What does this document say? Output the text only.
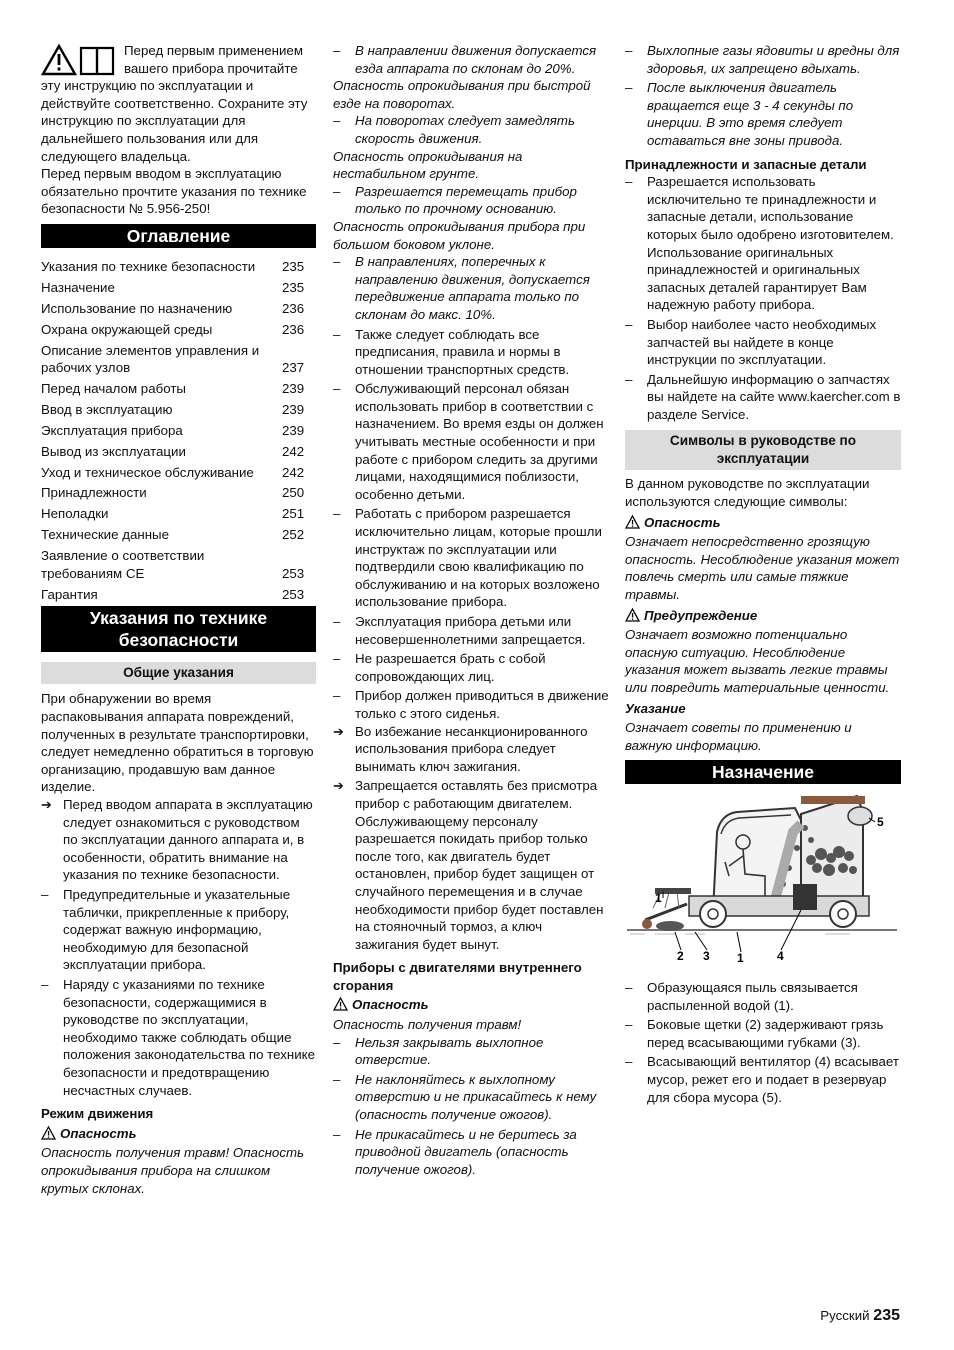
Перед первым применением вашего прибора прочитайте эту инструкцию по эксплуатации и действуйте соответственно. Сохраните эту инструкцию по эксплуатации для дальнейшего пользования или для следующего владельца.

Перед первым вводом в эксплуатацию обязательно прочтите указания по технике безопасности № 5.956-250!

Оглавление
Указания по технике безопасности	235
Назначение	235
Использование по назначению	236
Охрана окружающей среды	236
Описание элементов управления и рабочих узлов	237
Перед началом работы	239
Ввод в эксплуатацию	239
Эксплуатация прибора	239
Вывод из эксплуатации	242
Уход и техническое обслуживание	242
Принадлежности	250
Неполадки	251
Технические данные	252
Заявление о соответствии требованиям CE	253
Гарантия	253
Указания по технике безопасности
Общие указания

При обнаружении во время распаковывания аппарата повреждений, полученных в результате транспортировки, следует немедленно обратиться в торговую организацию, продавшую вам данное изделие.

➔ Перед вводом аппарата в эксплуатацию следует ознакомиться с руководством по эксплуатации данного аппарата и, в особенности, обратить внимание на указания по технике безопасности.
–	Предупредительные и указательные таблички, прикрепленные к прибору, содержат важную информацию, необходимую для безопасной эксплуатации прибора.
–	Наряду с указаниями по технике безопасности, содержащимися в руководстве по эксплуатации, необходимо также соблюдать общие положения законодательства по технике безопасности и предотвращению несчастных случаев.

Режим движения

Опасность

Опасность получения травм! Опасность опрокидывания прибора на слишком крутых склонах.

–	В направлении движения допускается езда аппарата по склонам до 20%.

Опасность опрокидывания при быстрой езде на поворотах.

–	На поворотах следует замедлять скорость движения.

Опасность опрокидывания на нестабильном грунте.

–	Разрешается перемещать прибор только по прочному основанию.

Опасность опрокидывания прибора при большом боковом уклоне.

–	В направлениях, поперечных к направлению движения, допускается передвижение аппарата только по склонам до макс. 10%.
–	Также следует соблюдать все предписания, правила и нормы в отношении транспортных средств.
–	Обслуживающий персонал обязан использовать прибор в соответствии с назначением. Во время езды он должен учитывать местные особенности и при работе с прибором следить за другими лицами, находящимися поблизости, особенно детьми.
–	Работать с прибором разрешается исключительно лицам, которые прошли инструктаж по эксплуатации или подтвердили свою квалификацию по обслуживанию и на которых возложено использование прибора.
–	Эксплуатация прибора детьми или несовершеннолетними запрещается.
–	Не разрешается брать с собой сопровождающих лиц.
–	Прибор должен приводиться в движение только с этого сиденья.
➔ Во избежание несанкционированного использования прибора следует вынимать ключ зажигания.
➔ Запрещается оставлять без присмотра прибор с работающим двигателем. Обслуживающему персоналу разрешается покидать прибор только после того, как двигатель будет остановлен, прибор будет защищен от случайного перемещения и в случае необходимости прибор будет поставлен на стояночный тормоз, а ключ зажигания будет вынут.

Приборы с двигателями внутреннего сгорания

Опасность

Опасность получения травм!

–	Нельзя закрывать выхлопное отверстие.
–	Не наклоняйтесь к выхлопному отверстию и не прикасайтесь к нему (опасность получение ожогов).
–	Не прикасайтесь и не беритесь за приводной двигатель (опасность получение ожогов).
–	Выхлопные газы ядовиты и вредны для здоровья, их запрещено вдыхать.
–	После выключения двигатель вращается еще 3 - 4 секунды по инерции. В это время следует оставаться вне зоны привода.

Принадлежности и запасные детали

–	Разрешается использовать исключительно те принадлежности и запасные детали, использование которых было одобрено изготовителем. Использование оригинальных принадлежностей и оригинальных запасных деталей гарантирует Вам надежную работу прибора.
–	Выбор наиболее часто необходимых запчастей вы найдете в конце инструкции по эксплуатации.
–	Дальнейшую информацию о запчастях вы найдете на сайте www.kaercher.com в разделе Service.
Символы в руководстве по эксплуатации

В данном руководстве по эксплуатации используются следующие символы:

Опасность

Означает непосредственно грозящую опасность. Несоблюдение указания может повлечь смерть или самые тяжкие травмы.

Предупреждение

Означает возможно потенциально опасную ситуацию. Несоблюдение указания может вызвать легкие травмы или повредить материальные ценности.

Указание

Означает советы по применению и важную информацию.

Назначение
1
2 3 1	4
5
–	Образующаяся пыль связывается распыленной водой (1).
–	Боковые щетки (2) задерживают грязь перед всасывающими губками (3).
–	Всасывающий вентилятор (4) всасывает мусор, режет его и подает в резервуар для сбора мусора (5).
Русский 235
